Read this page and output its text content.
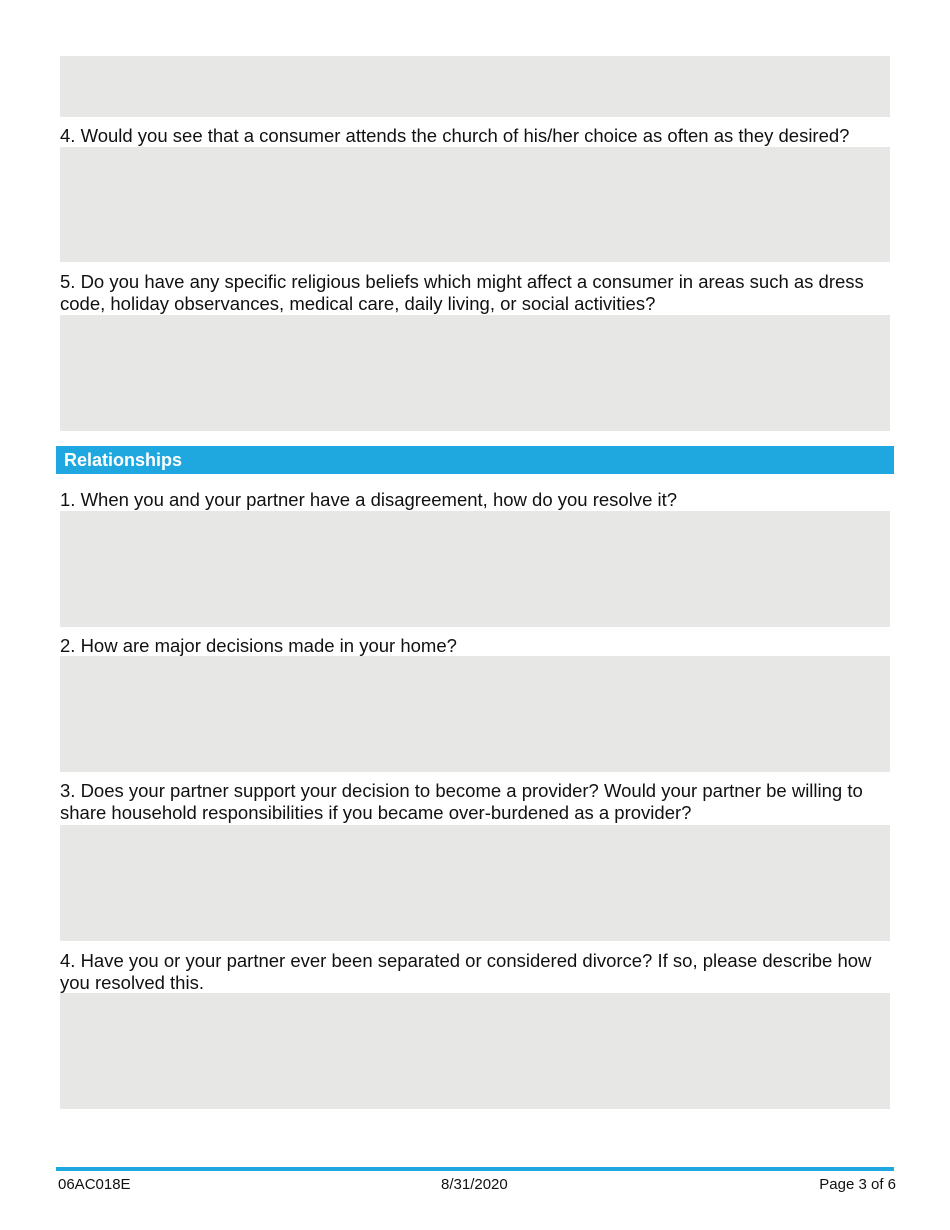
4. Would you see that a consumer attends the church of his/her choice as often as they desired?

5. Do you have any specific religious beliefs which might affect a consumer in areas such as dress code, holiday observances, medical care, daily living, or social activities?

Relationships

1. When you and your partner have a disagreement, how do you resolve it?

2. How are major decisions made in your home?

3. Does your partner support your decision to become a provider? Would your partner be willing to share household responsibilities if you became over-burdened as a provider?

4. Have you or your partner ever been separated or considered divorce? If so, please describe how you resolved this.

06AC018E	8/31/2020	Page 3 of 6
